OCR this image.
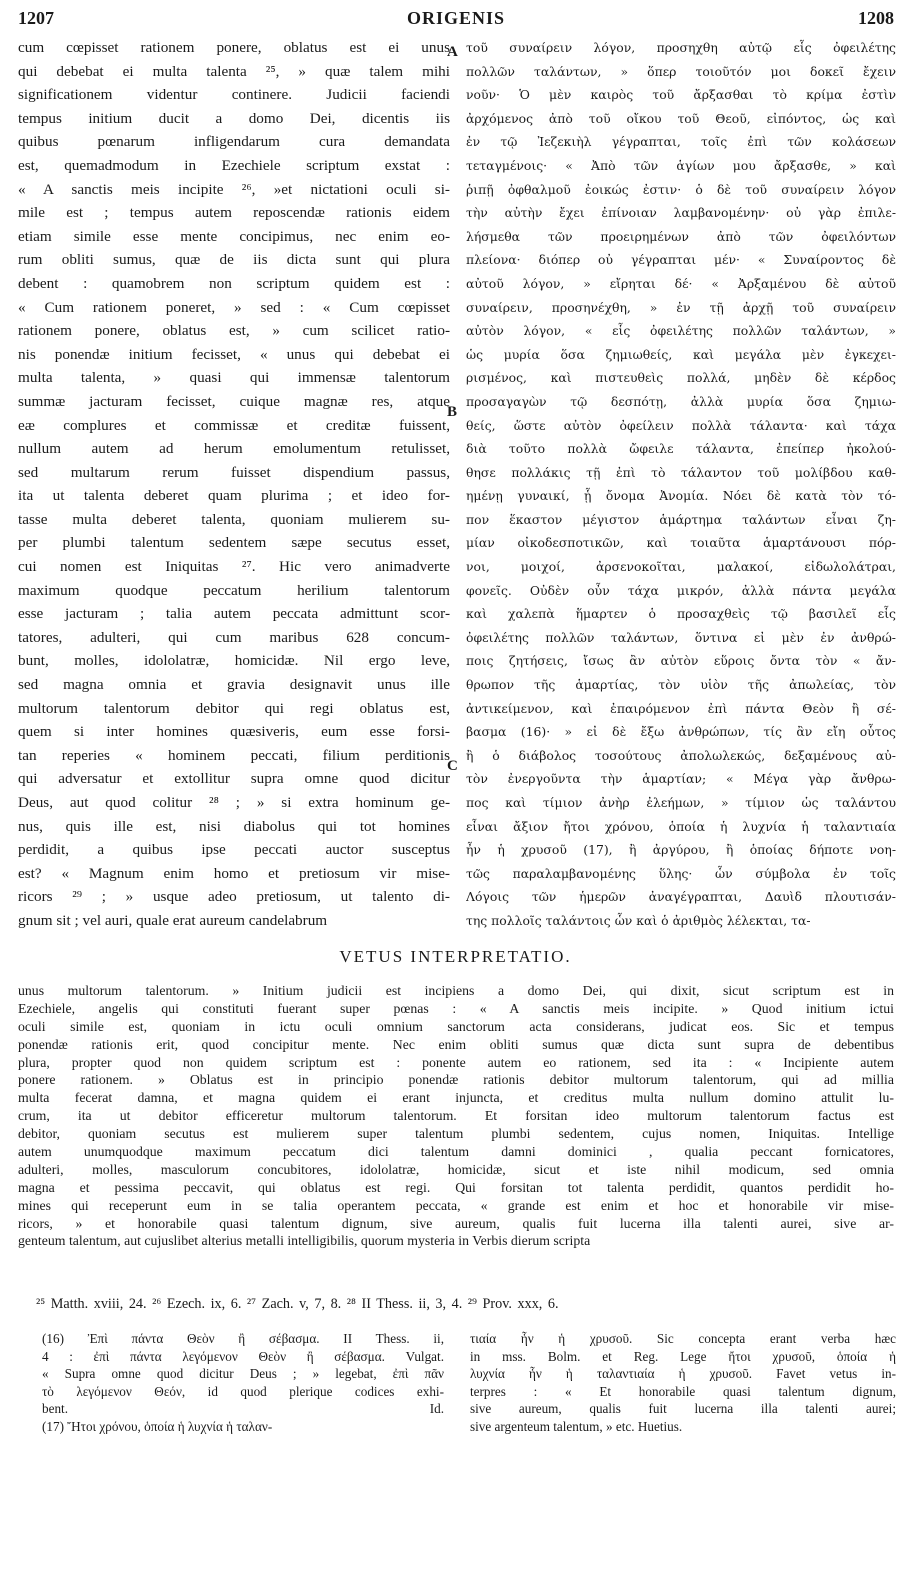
1207	ORIGENIS	1208
cum cœpisset rationem ponere, oblatus est ei unus
qui debebat ei multa talenta ²⁵, » quæ talem mihi
significationem videntur continere. Judicii faciendi
tempus initium ducit a domo Dei, dicentis iis
quibus pœnarum infligendarum cura demandata
est, quemadmodum in Ezechiele scriptum exstat :
« A sanctis meis incipite ²⁶, »et nictationi oculi si-
mile est ; tempus autem reposcendæ rationis eidem
etiam simile esse mente concipimus, nec enim eo-
rum obliti sumus, quæ de iis dicta sunt qui plura
debent : quamobrem non scriptum quidem est :
« Cum rationem poneret, » sed : « Cum cœpisset
rationem ponere, oblatus est, » cum scilicet ratio-
nis ponendæ initium fecisset, « unus qui debebat ei
multa talenta, » quasi qui immensæ talentorum
summæ jacturam fecisset, cuique magnæ res, atque
eæ complures et commissæ et creditæ fuissent,
nullum autem ad herum emolumentum retulisset,
sed multarum rerum fuisset dispendium passus,
ita ut talenta deberet quam plurima ; et ideo for-
tasse multa deberet talenta, quoniam mulierem su-
per plumbi talentum sedentem sæpe secutus esset,
cui nomen est Iniquitas ²⁷. Hic vero animadverte
maximum quodque peccatum herilium talentorum
esse jacturam ; talia autem peccata admittunt scor-
tatores, adulteri, qui cum maribus 628 concum-
bunt, molles, idololatræ, homicidæ. Nil ergo leve,
sed magna omnia et gravia designavit unus ille
multorum talentorum debitor qui regi oblatus est,
quem si inter homines quæsiveris, eum esse forsi-
tan reperies « hominem peccati, filium perditionis
qui adversatur et extollitur supra omne quod dicitur
Deus, aut quod colitur ²⁸ ; » si extra hominum ge-
nus, quis ille est, nisi diabolus qui tot homines
perdidit, a quibus ipse peccati auctor susceptus
est? « Magnum enim homo et pretiosum vir mise-
ricors ²⁹ ; » usque adeo pretiosum, ut talento di-
gnum sit ; vel auri, quale erat aureum candelabrum
τοῦ συναίρειν λόγον, προσηχθη αὐτῷ εἷς ὀφειλέτης
πολλῶν ταλάντων, » ὅπερ τοιοῦτόν μοι δοκεῖ ἔχειν
νοῦν· Ὁ μὲν καιρὸς τοῦ ἄρξασθαι τὸ κρίμα ἐστὶν
ἀρχόμενος ἀπὸ τοῦ οἴκου τοῦ Θεοῦ, εἰπόντος, ὡς καὶ
ἐν τῷ Ἰεζεκιὴλ γέγραπται, τοῖς ἐπὶ τῶν κολάσεων
τεταγμένοις· « Ἀπὸ τῶν ἁγίων μου ἄρξασθε, » καὶ
ῥιπῇ ὀφθαλμοῦ ἐοικώς ἐστιν· ὁ δὲ τοῦ συναίρειν λόγον
τὴν αὐτὴν ἔχει ἐπίνοιαν λαμβανομένην· οὐ γὰρ ἐπιλε-
λήσμεθα τῶν προειρημένων ἀπὸ τῶν ὀφειλόντων
πλείονα· διόπερ οὐ γέγραπται μέν· « Συναίροντος δὲ
αὐτοῦ λόγον, » εἴρηται δέ· « Ἀρξαμένου δὲ αὐτοῦ
συναίρειν, προσηνέχθη, » ἐν τῇ ἀρχῇ τοῦ συναίρειν
αὐτὸν λόγον, « εἷς ὀφειλέτης πολλῶν ταλάντων, »
ὡς μυρία ὅσα ζημιωθείς, καὶ μεγάλα μὲν ἐγκεχει-
ρισμένος, καὶ πιστευθεὶς πολλά, μηδὲν δὲ κέρδος
προσαγαγὼν τῷ δεσπότῃ, ἀλλὰ μυρία ὅσα ζημιω-
θείς, ὥστε αὐτὸν ὀφείλειν πολλὰ τάλαντα· καὶ τάχα
διὰ τοῦτο πολλὰ ὤφειλε τάλαντα, ἐπείπερ ἠκολού-
θησε πολλάκις τῇ ἐπὶ τὸ τάλαντον τοῦ μολίβδου καθ-
ημένῃ γυναικί, ᾗ ὄνομα Ἀνομία. Νόει δὲ κατὰ τὸν τό-
πον ἕκαστον μέγιστον ἁμάρτημα ταλάντων εἶναι ζη-
μίαν οἰκοδεσποτικῶν, καὶ τοιαῦτα ἁμαρτάνουσι πόρ-
νοι, μοιχοί, ἀρσενοκοῖται, μαλακοί, εἰδωλολάτραι,
φονεῖς. Οὐδὲν οὖν τάχα μικρόν, ἀλλὰ πάντα μεγάλα
καὶ χαλεπὰ ἥμαρτεν ὁ προσαχθεὶς τῷ βασιλεῖ εἷς
ὀφειλέτης πολλῶν ταλάντων, ὅντινα εἰ μὲν ἐν ἀνθρώ-
ποις ζητήσεις, ἴσως ἂν αὐτὸν εὕροις ὄντα τὸν « ἄν-
θρωπον τῆς ἁμαρτίας, τὸν υἱὸν τῆς ἀπωλείας, τὸν
ἀντικείμενον, καὶ ἐπαιρόμενον ἐπὶ πάντα Θεὸν ἢ σέ-
βασμα (16)· » εἰ δὲ ἔξω ἀνθρώπων, τίς ἂν εἴη οὗτος
ἢ ὁ διάβολος τοσούτους ἀπολωλεκώς, δεξαμένους αὐ-
τὸν ἐνεργοῦντα τὴν ἁμαρτίαν; « Μέγα γὰρ ἄνθρω-
πος καὶ τίμιον ἀνὴρ ἐλεήμων, » τίμιον ὡς ταλάντου
εἶναι ἄξιον ἤτοι χρόνου, ὁποία ἡ λυχνία ἡ ταλαντιαία
ἦν ἡ χρυσοῦ (17), ἢ ἀργύρου, ἢ ὁποίας δήποτε νοη-
τῶς παραλαμβανομένης ὕλης· ὧν σύμβολα ἐν τοῖς
Λόγοις τῶν ἡμερῶν ἀναγέγραπται, Δαυὶδ πλουτισάν-
της πολλοῖς ταλάντοις ὧν καὶ ὁ ἀριθμὸς λέλεκται, τα-
A
B
C
VETUS INTERPRETATIO.
unus multorum talentorum. » Initium judicii est incipiens a domo Dei, qui dixit, sicut scriptum est in
Ezechiele, angelis qui constituti fuerant super pœnas : « A sanctis meis incipite. » Quod initium ictui
oculi simile est, quoniam in ictu oculi omnium sanctorum acta considerans, judicat eos. Sic et tempus
ponendæ rationis erit, quod concipitur mente. Nec enim obliti sumus quæ dicta sunt supra de debentibus
plura, propter quod non quidem scriptum est : ponente autem eo rationem, sed ita : « Incipiente autem
ponere rationem. » Oblatus est in principio ponendæ rationis debitor multorum talentorum, qui ad millia
multa fecerat damna, et magna quidem ei erant injuncta, et creditus multa nullum domino attulit lu-
crum, ita ut debitor efficeretur multorum talentorum. Et forsitan ideo multorum talentorum factus est
debitor, quoniam secutus est mulierem super talentum plumbi sedentem, cujus nomen, Iniquitas. Intellige
autem unumquodque maximum peccatum dici talentum damni dominici , qualia peccant fornicatores,
adulteri, molles, masculorum concubitores, idololatræ, homicidæ, sicut et iste nihil modicum, sed omnia
magna et pessima peccavit, qui oblatus est regi. Qui forsitan tot talenta perdidit, quantos perdidit ho-
mines qui receperunt eum in se talia operantem peccata, « grande est enim et hoc et honorabile vir mise-
ricors, » et honorabile quasi talentum dignum, sive aureum, qualis fuit lucerna illa talenti aurei, sive ar-
genteum talentum, aut cujuslibet alterius metalli intelligibilis, quorum mysteria in Verbis dierum scripta
²⁵ Matth. xviii, 24. ²⁶ Ezech. ix, 6. ²⁷ Zach. v, 7, 8. ²⁸ II Thess. ii, 3, 4. ²⁹ Prov. xxx, 6.
(16) Ἐπὶ πάντα Θεὸν ἢ σέβασμα. II Thess. ii,
4 : ἐπὶ πάντα λεγόμενον Θεὸν ἢ σέβασμα. Vulgat.
« Supra omne quod dicitur Deus ; » legebat, ἐπὶ πᾶν
τὸ λεγόμενον Θεόν, id quod plerique codices exhi-
bent. Id.
(17) Ἤτοι χρόνου, ὁποία ἡ λυχνία ἡ ταλαν-
τιαία ἦν ἡ χρυσοῦ. Sic concepta erant verba hæc
in mss. Bolm. et Reg. Lege ἤτοι χρυσοῦ, ὁποία ἡ
λυχνία ἦν ἡ ταλαντιαία ἡ χρυσοῦ. Favet vetus in-
terpres : « Et honorabile quasi talentum dignum,
sive aureum, qualis fuit lucerna illa talenti aurei;
sive argenteum talentum, » etc. Huetius.
